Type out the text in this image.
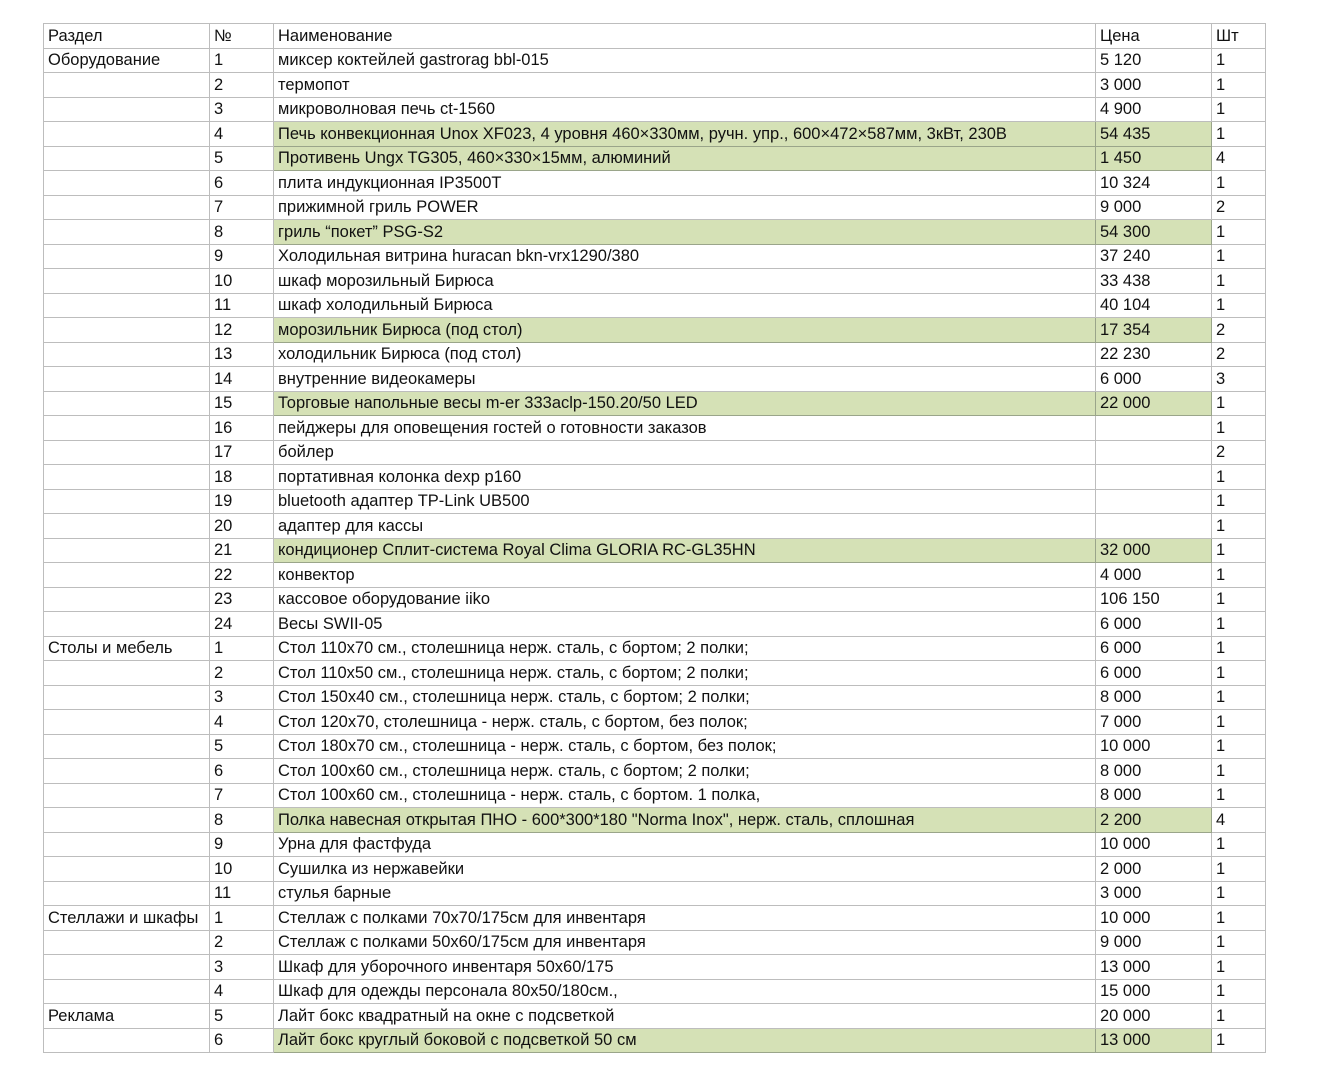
Раздел	№	Наименование	Цена	Шт
Оборудование	1	миксер коктейлей gastrorag bbl-015	5 120	1
	2	термопот	3 000	1
	3	микроволновая печь ct-1560	4 900	1
	4	Печь конвекционная Unox XF023, 4 уровня 460×330мм, ручн. упр., 600×472×587мм, 3кВт, 230В	54 435	1
	5	Противень Ungx TG305, 460×330×15мм, алюминий	1 450	4
	6	плита индукционная IP3500T	10 324	1
	7	прижимной гриль POWER	9 000	2
	8	гриль “покет” PSG-S2	54 300	1
	9	Холодильная витрина huracan bkn-vrx1290/380	37 240	1
	10	шкаф морозильный Бирюса	33 438	1
	11	шкаф холодильный Бирюса	40 104	1
	12	морозильник Бирюса (под стол)	17 354	2
	13	холодильник Бирюса (под стол)	22 230	2
	14	внутренние видеокамеры	6 000	3
	15	Торговые напольные весы m-er 333aclp-150.20/50 LED	22 000	1
	16	пейджеры для оповещения гостей о готовности заказов		1
	17	бойлер		2
	18	портативная колонка dexp p160		1
	19	bluetooth адаптер TP-Link UB500		1
	20	адаптер для кассы		1
	21	кондиционер Сплит-система Royal Clima GLORIA RC-GL35HN	32 000	1
	22	конвектор	4 000	1
	23	кассовое оборудование iiko	106 150	1
	24	Весы SWII-05	6 000	1
Столы и мебель	1	Стол 110х70 см., столешница нерж. сталь, с бортом; 2 полки;	6 000	1
	2	Стол 110х50 см., столешница нерж. сталь, с бортом; 2 полки;	6 000	1
	3	Стол 150х40 см., столешница нерж. сталь, с бортом; 2 полки;	8 000	1
	4	Стол 120х70, столешница - нерж. сталь, с бортом, без полок;	7 000	1
	5	Стол 180х70 см., столешница - нерж. сталь, с бортом, без полок;	10 000	1
	6	Стол 100х60 см., столешница нерж. сталь, с бортом; 2 полки;	8 000	1
	7	Стол 100х60 см., столешница - нерж. сталь, с бортом. 1 полка,	8 000	1
	8	Полка навесная открытая ПНО - 600*300*180 "Norma Inox", нерж. сталь, сплошная	2 200	4
	9	Урна для фастфуда	10 000	1
	10	Сушилка из нержавейки	2 000	1
	11	стулья барные	3 000	1
Стеллажи и шкафы	1	Стеллаж с полками 70х70/175см для инвентаря	10 000	1
	2	Стеллаж с полками 50х60/175см для инвентаря	9 000	1
	3	Шкаф для уборочного инвентаря 50х60/175	13 000	1
	4	Шкаф для одежды персонала 80х50/180см.,	15 000	1
Реклама	5	Лайт бокс квадратный на окне с подсветкой	20 000	1
	6	Лайт бокс круглый боковой с подсветкой 50 см	13 000	1
